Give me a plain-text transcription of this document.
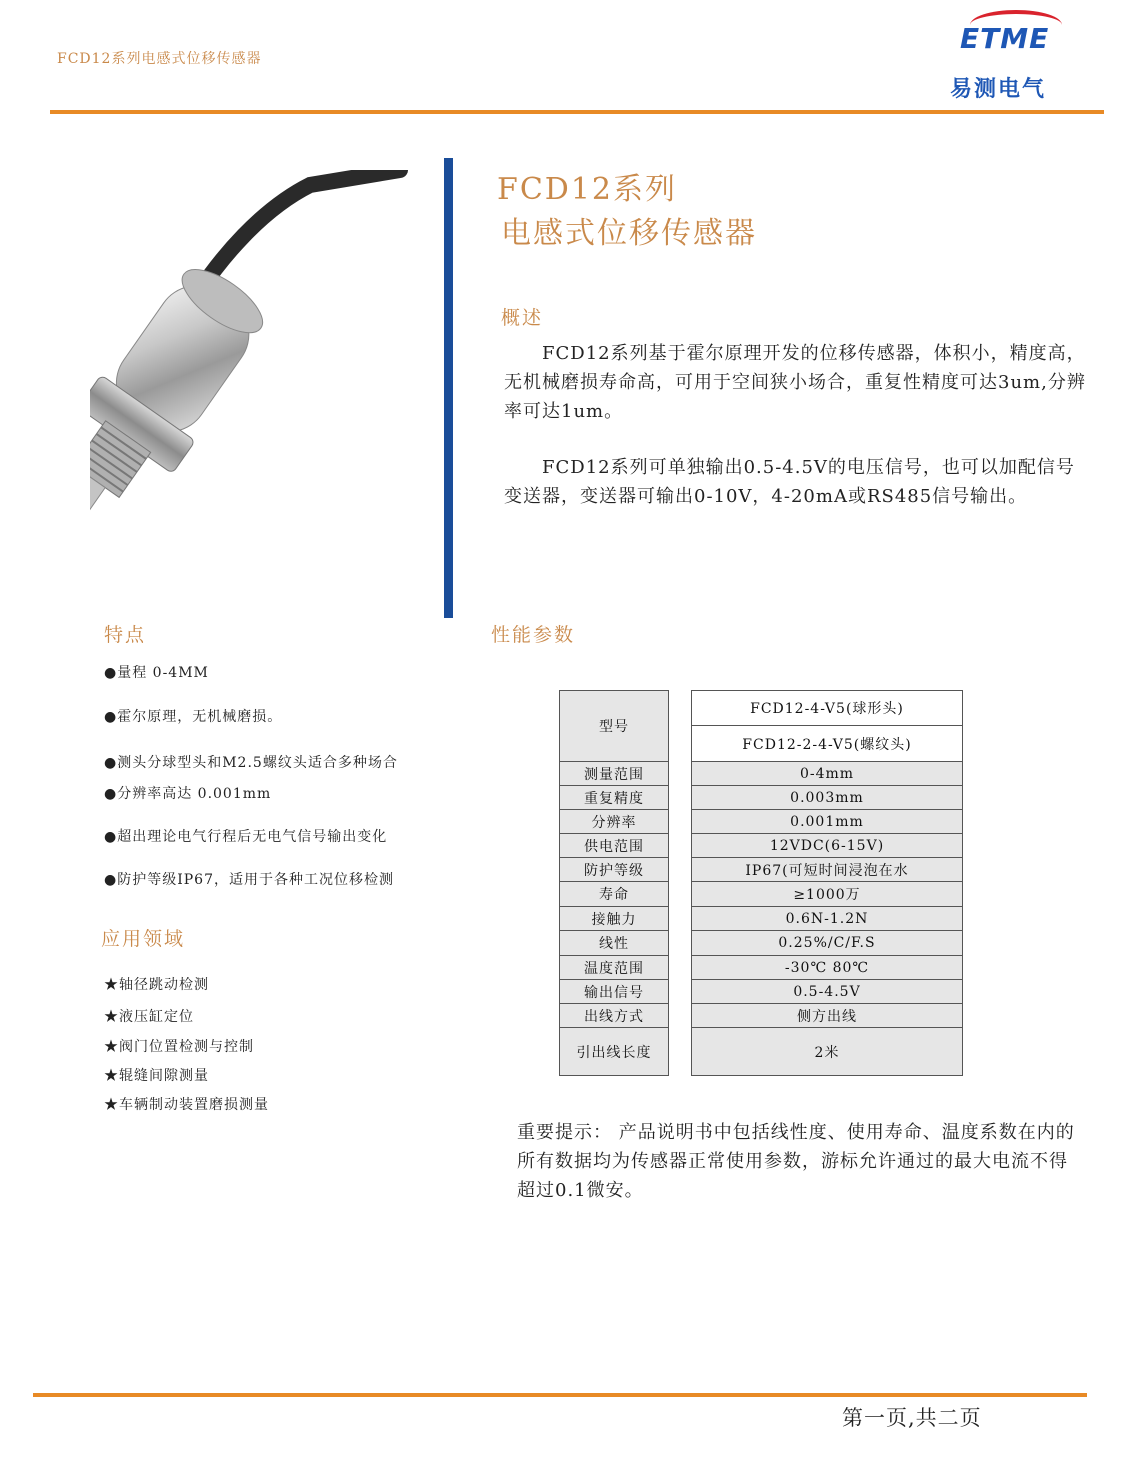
FCD12系列电感式位移传感器
ETME
易测电气
FCD12系列
电感式位移传感器
概述
　　FCD12系列基于霍尔原理开发的位移传感器，体积小，精度高，无机械磨损寿命高，可用于空间狭小场合，重复性精度可达3um,分辨率可达1um。
　　FCD12系列可单独输出0.5-4.5V的电压信号，也可以加配信号变送器，变送器可输出0-10V，4-20mA或RS485信号输出。
特点
●量程 0-4MM
●霍尔原理，无机械磨损。
●测头分球型头和M2.5螺纹头适合多种场合
●分辨率高达 0.001mm
●超出理论电气行程后无电气信号输出变化
●防护等级IP67，适用于各种工况位移检测
应用领域
★轴径跳动检测
★液压缸定位
★阀门位置检测与控制
★辊缝间隙测量
★车辆制动装置磨损测量
性能参数
型号
测量范围
重复精度
分辨率
供电范围
防护等级
寿命
接触力
线性
温度范围
输出信号
出线方式
引出线长度
FCD12-4-V5(球形头)
FCD12-2-4-V5(螺纹头)
0-4mm
0.003mm
0.001mm
12VDC(6-15V)
IP67(可短时间浸泡在水
≥1000万
0.6N-1.2N
0.25%/C/F.S
-30℃ 80℃
0.5-4.5V
侧方出线
2米
重要提示： 产品说明书中包括线性度、使用寿命、温度系数在内的所有数据均为传感器正常使用参数，游标允许通过的最大电流不得超过0.1微安。
第一页,共二页
